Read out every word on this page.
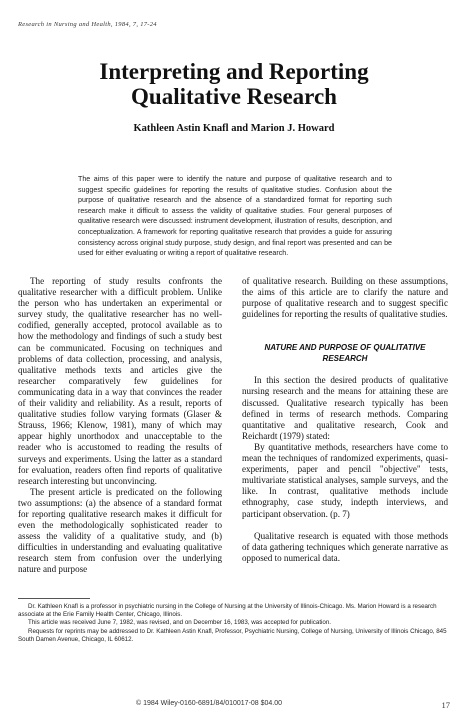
Research in Nursing and Health, 1984, 7, 17-24
Interpreting and Reporting
Qualitative Research
Kathleen Astin Knafl and Marion J. Howard
The aims of this paper were to identify the nature and purpose of qualitative research and to suggest specific guidelines for reporting the results of qualitative studies. Confusion about the purpose of qualitative research and the absence of a standardized format for reporting such research make it difficult to assess the validity of qualitative studies. Four general purposes of qualitative research were discussed: instrument development, illustration of results, description, and conceptualization. A framework for reporting qualitative research that provides a guide for assuring consistency across original study purpose, study design, and final report was presented and can be used for either evaluating or writing a report of qualitative research.

The reporting of study results confronts the qualitative researcher with a difficult problem. Unlike the person who has undertaken an experimental or survey study, the qualitative researcher has no well-codified, generally accepted, protocol available as to how the methodology and findings of such a study best can be communicated. Focusing on techniques and problems of data collection, processing, and analysis, qualitative methods texts and articles give the researcher comparatively few guidelines for communicating data in a way that convinces the reader of their validity and reliability. As a result, reports of qualitative studies follow varying formats (Glaser & Strauss, 1966; Klenow, 1981), many of which may appear highly unorthodox and unacceptable to the reader who is accustomed to reading the results of surveys and experiments. Using the latter as a standard for evaluation, readers often find reports of qualitative research interesting but unconvincing.

The present article is predicated on the following two assumptions: (a) the absence of a standard format for reporting qualitative research makes it difficult for even the methodologically sophisticated reader to assess the validity of a qualitative study, and (b) difficulties in understanding and evaluating qualitative research stem from confusion over the underlying nature and purpose

of qualitative research. Building on these assumptions, the aims of this article are to clarify the nature and purpose of qualitative research and to suggest specific guidelines for reporting the results of qualitative studies.

NATURE AND PURPOSE OF QUALITATIVE
RESEARCH

In this section the desired products of qualitative nursing research and the means for attaining these are discussed. Qualitative research typically has been defined in terms of research methods. Comparing quantitative and qualitative research, Cook and Reichardt (1979) stated:

By quantitative methods, researchers have come to mean the techniques of randomized experiments, quasi-experiments, paper and pencil "objective" tests, multivariate statistical analyses, sample surveys, and the like. In contrast, qualitative methods include ethnography, case study, indepth interviews, and participant observation. (p. 7)

Qualitative research is equated with those methods of data gathering techniques which generate narrative as opposed to numerical data.

Dr. Kathleen Knafl is a professor in psychiatric nursing in the College of Nursing at the University of Illinois-Chicago. Ms. Marion Howard is a research associate at the Erie Family Health Center, Chicago, Illinois.

This article was received June 7, 1982, was revised, and on December 16, 1983, was accepted for publication.

Requests for reprints may be addressed to Dr. Kathleen Astin Knafl, Professor, Psychiatric Nursing, College of Nursing, University of Illinois Chicago, 845 South Damen Avenue, Chicago, IL 60612.

© 1984 Wiley-0160-6891/84/010017-08 $04.00	17
